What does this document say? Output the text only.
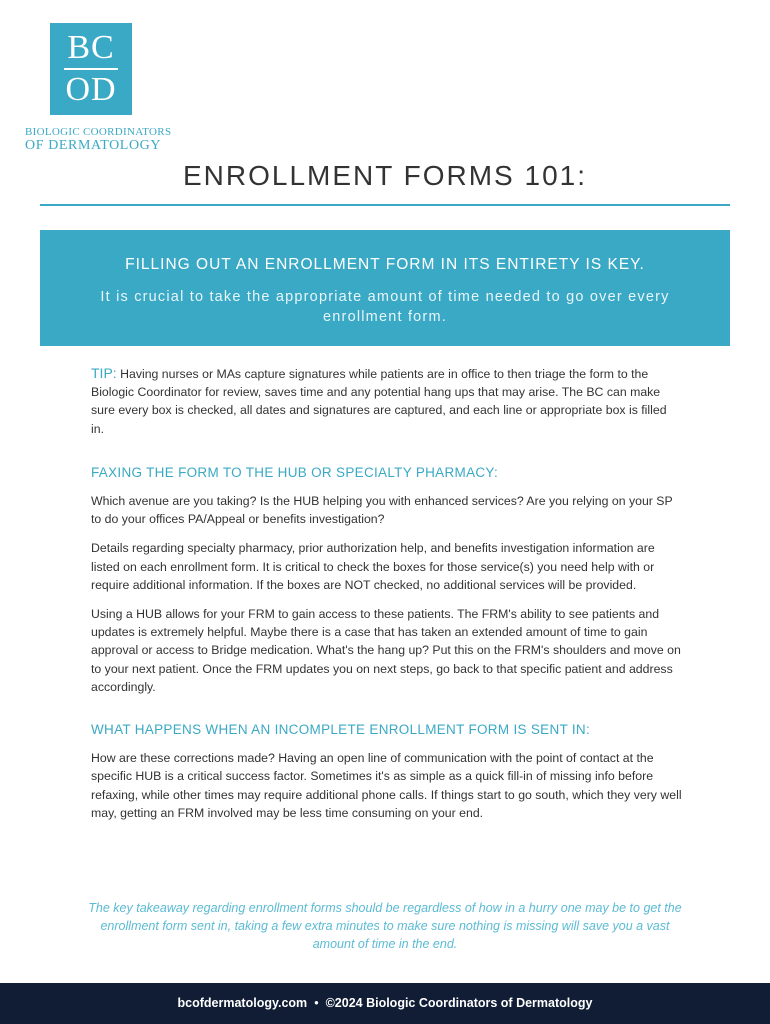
BC
OD
BIOLOGIC COORDINATORS
OF DERMATOLOGY
ENROLLMENT FORMS 101:
FILLING OUT AN ENROLLMENT FORM IN ITS ENTIRETY IS KEY.
It is crucial to take the appropriate amount of time needed to go over every enrollment form.

TIP: Having nurses or MAs capture signatures while patients are in office to then triage the form to the Biologic Coordinator for review, saves time and any potential hang ups that may arise. The BC can make sure every box is checked, all dates and signatures are captured, and each line or appropriate box is filled in.

FAXING THE FORM TO THE HUB OR SPECIALTY PHARMACY:

Which avenue are you taking? Is the HUB helping you with enhanced services? Are you relying on your SP to do your offices PA/Appeal or benefits investigation?

Details regarding specialty pharmacy, prior authorization help, and benefits investigation information are listed on each enrollment form. It is critical to check the boxes for those service(s) you need help with or require additional information. If the boxes are NOT checked, no additional services will be provided.

Using a HUB allows for your FRM to gain access to these patients. The FRM's ability to see patients and updates is extremely helpful. Maybe there is a case that has taken an extended amount of time to gain approval or access to Bridge medication. What's the hang up? Put this on the FRM's shoulders and move on to your next patient. Once the FRM updates you on next steps, go back to that specific patient and address accordingly.

WHAT HAPPENS WHEN AN INCOMPLETE ENROLLMENT FORM IS SENT IN:

How are these corrections made? Having an open line of communication with the point of contact at the specific HUB is a critical success factor. Sometimes it's as simple as a quick fill-in of missing info before refaxing, while other times may require additional phone calls. If things start to go south, which they very well may, getting an FRM involved may be less time consuming on your end.

The key takeaway regarding enrollment forms should be regardless of how in a hurry one may be to get the enrollment form sent in, taking a few extra minutes to make sure nothing is missing will save you a vast amount of time in the end.
bcofdermatology.com • ©2024 Biologic Coordinators of Dermatology
